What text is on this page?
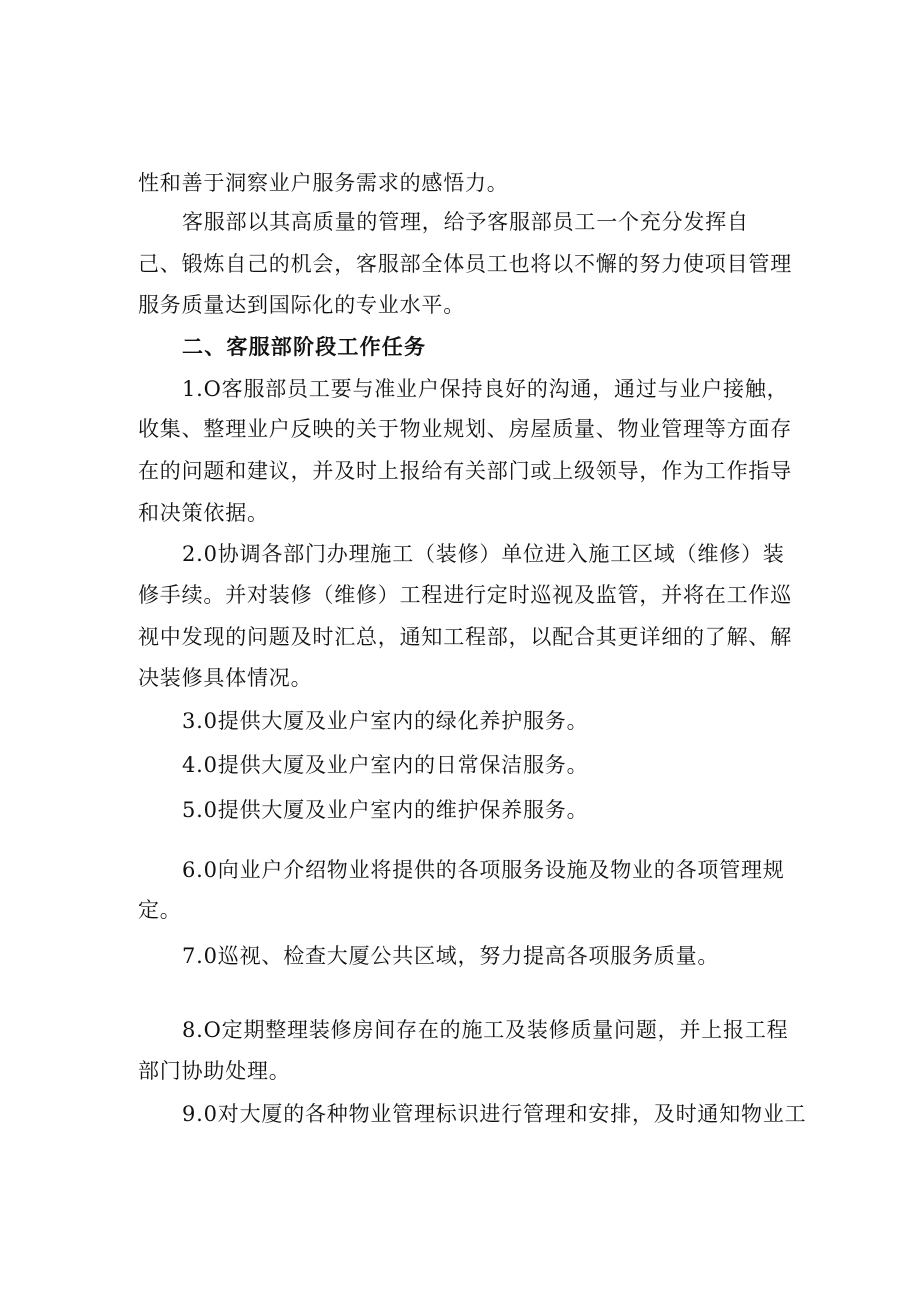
性和善于洞察业户服务需求的感悟力。
客服部以其高质量的管理，给予客服部员工一个充分发挥自
己、锻炼自己的机会，客服部全体员工也将以不懈的努力使项目管理
服务质量达到国际化的专业水平。
二、客服部阶段工作任务
1.O客服部员工要与准业户保持良好的沟通，通过与业户接触，
收集、整理业户反映的关于物业规划、房屋质量、物业管理等方面存
在的问题和建议，并及时上报给有关部门或上级领导，作为工作指导
和决策依据。
2.0协调各部门办理施工（装修）单位进入施工区域（维修）装
修手续。并对装修（维修）工程进行定时巡视及监管，并将在工作巡
视中发现的问题及时汇总，通知工程部，以配合其更详细的了解、解
决装修具体情况。
3.0提供大厦及业户室内的绿化养护服务。
4.0提供大厦及业户室内的日常保洁服务。
5.0提供大厦及业户室内的维护保养服务。
6.0向业户介绍物业将提供的各项服务设施及物业的各项管理规
定。
7.0巡视、检查大厦公共区域，努力提高各项服务质量。
8.O定期整理装修房间存在的施工及装修质量问题，并上报工程
部门协助处理。
9.0对大厦的各种物业管理标识进行管理和安排，及时通知物业工
